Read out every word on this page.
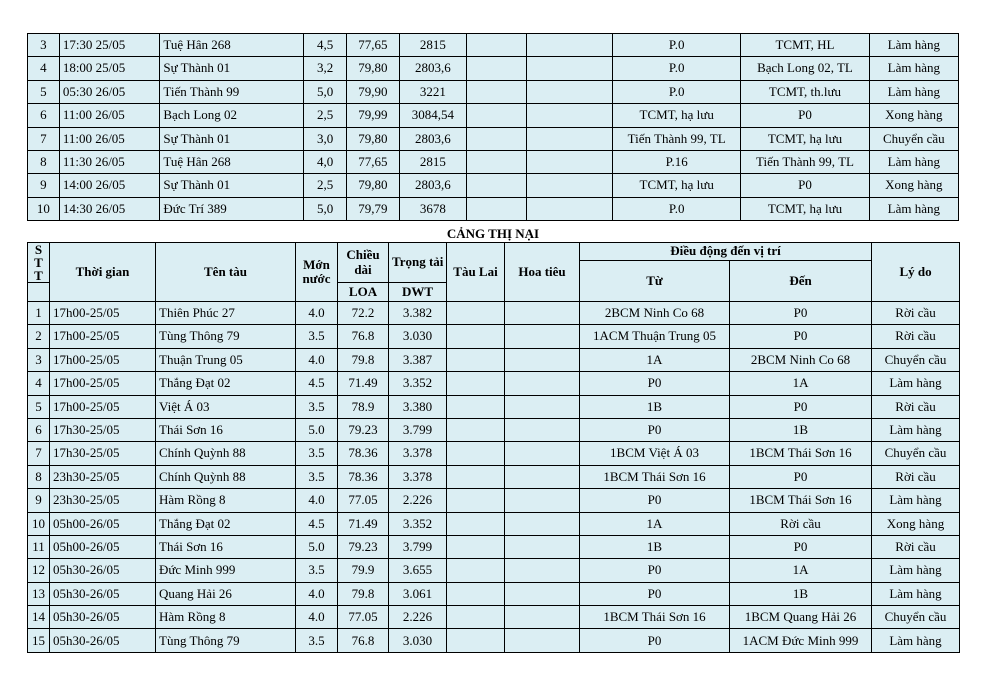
3	17:30 25/05	Tuệ Hân 268	4,5	77,65	2815			P.0	TCMT, HL	Làm hàng
4	18:00 25/05	Sự Thành 01	3,2	79,80	2803,6			P.0	Bạch Long 02, TL	Làm hàng
5	05:30 26/05	Tiến Thành 99	5,0	79,90	3221			P.0	TCMT, th.lưu	Làm hàng
6	11:00 26/05	Bạch Long 02	2,5	79,99	3084,54			TCMT, hạ lưu	P0	Xong hàng
7	11:00 26/05	Sự Thành 01	3,0	79,80	2803,6			Tiến Thành 99, TL	TCMT, hạ lưu	Chuyển cầu
8	11:30 26/05	Tuệ Hân 268	4,0	77,65	2815			P.16	Tiến Thành 99, TL	Làm hàng
9	14:00 26/05	Sự Thành 01	2,5	79,80	2803,6			TCMT, hạ lưu	P0	Xong hàng
10	14:30 26/05	Đức Trí 389	5,0	79,79	3678			P.0	TCMT, hạ lưu	Làm hàng
CẢNG THỊ NẠI
S T T	Thời gian	Tên tàu	Mớn nước	Chiều dài	Trọng tải	Tàu Lai	Hoa tiêu	Điều động đến vị trí		Lý do
								Từ	Đến	
				LOA	DWT					
1	17h00-25/05	Thiên Phúc 27	4.0	72.2	3.382			2BCM Ninh Co 68	P0	Rời cầu
2	17h00-25/05	Tùng Thông 79	3.5	76.8	3.030			1ACM Thuận Trung 05	P0	Rời cầu
3	17h00-25/05	Thuận Trung 05	4.0	79.8	3.387			1A	2BCM Ninh Co 68	Chuyển cầu
4	17h00-25/05	Thắng Đạt 02	4.5	71.49	3.352			P0	1A	Làm hàng
5	17h00-25/05	Việt Á 03	3.5	78.9	3.380			1B	P0	Rời cầu
6	17h30-25/05	Thái Sơn 16	5.0	79.23	3.799			P0	1B	Làm hàng
7	17h30-25/05	Chính Quỳnh 88	3.5	78.36	3.378			1BCM Việt Á 03	1BCM Thái Sơn 16	Chuyển cầu
8	23h30-25/05	Chính Quỳnh 88	3.5	78.36	3.378			1BCM Thái Sơn 16	P0	Rời cầu
9	23h30-25/05	Hàm Rồng 8	4.0	77.05	2.226			P0	1BCM Thái Sơn 16	Làm hàng
10	05h00-26/05	Thắng Đạt 02	4.5	71.49	3.352			1A	Rời cầu	Xong hàng
11	05h00-26/05	Thái Sơn 16	5.0	79.23	3.799			1B	P0	Rời cầu
12	05h30-26/05	Đức Minh 999	3.5	79.9	3.655			P0	1A	Làm hàng
13	05h30-26/05	Quang Hải 26	4.0	79.8	3.061			P0	1B	Làm hàng
14	05h30-26/05	Hàm Rồng 8	4.0	77.05	2.226			1BCM Thái Sơn 16	1BCM Quang Hải 26	Chuyển cầu
15	05h30-26/05	Tùng Thông 79	3.5	76.8	3.030			P0	1ACM Đức Minh 999	Làm hàng
